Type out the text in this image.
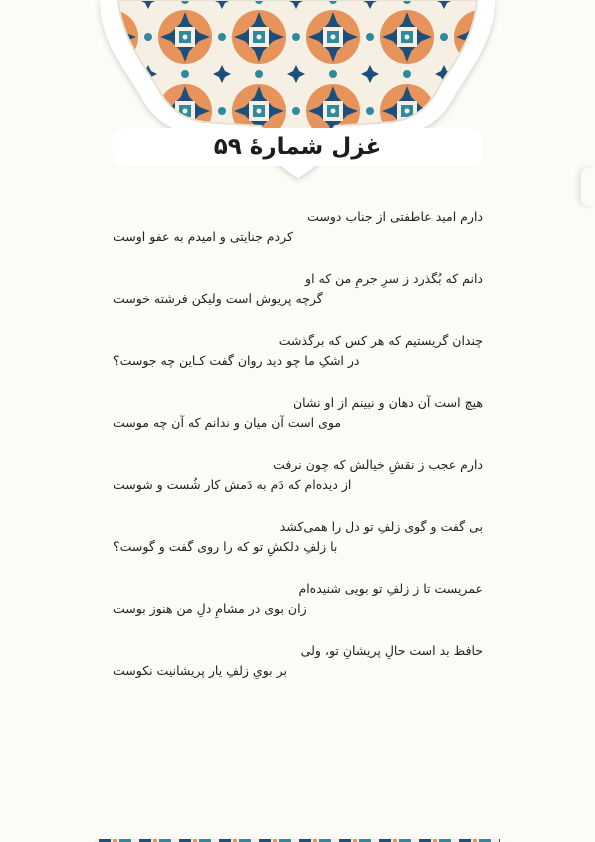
غزل شمارهٔ ۵۹
دارم امید عاطفتی از جناب دوست
کردم جنایتی و امیدم به عفو اوست
دانم که بُگذرد ز سرِ جرمِ من که او
گرچه پریوش است ولیکن فرشته خوست
چندان گریستیم که هر کس که برگذشت
در اشکِ ما چو دید روان گفت کـاین چه جوست؟
هیچ است آن دهان و نبینم از او نشان
موی است آن میان و ندانم که آن چه موست
دارم عجب ز نقشِ خیالش که چون نرفت
از دیده‌ام که دَم به دَمش کار شُست و شوست
بی گفت و گوی زلفِ تو دل را همی‌کشد
با زلفِ دلکشِ تو که را روی گفت و گوست؟
عمریست تا ز زلفِ تو بویی شنیده‌ام
زان بوی در مشامِ دلِ من هنوز بوست
حافظ بد است حالِ پریشانِ تو، ولی
بر بویِ زلفِ یار پریشانیت نکوست
